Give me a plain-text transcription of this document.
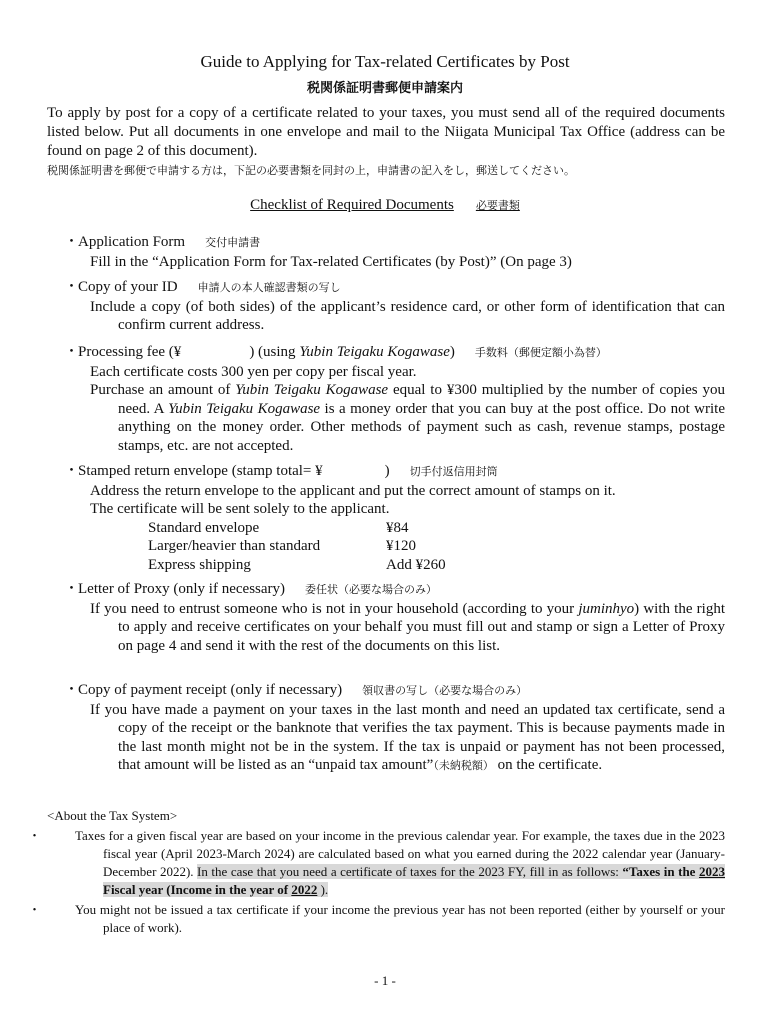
Guide to Applying for Tax-related Certificates by Post
税関係証明書郵便申請案内
To apply by post for a copy of a certificate related to your taxes, you must send all of the required documents listed below. Put all documents in one envelope and mail to the Niigata Municipal Tax Office (address can be found on page 2 of this document).
税関係証明書を郵便で申請する方は，下記の必要書類を同封の上，申請書の記入をし，郵送してください。
Checklist of Required Documents 必要書類
・Application Form 交付申請書
Fill in the “Application Form for Tax-related Certificates (by Post)” (On page 3)
・Copy of your ID 申請人の本人確認書類の写し
Include a copy (of both sides) of the applicant’s residence card, or other form of identification that can confirm current address.
・Processing fee (¥	) (using Yubin Teigaku Kogawase) 手数料（郵便定額小為替）
Each certificate costs 300 yen per copy per fiscal year.
Purchase an amount of Yubin Teigaku Kogawase equal to ¥300 multiplied by the number of copies you need. A Yubin Teigaku Kogawase is a money order that you can buy at the post office. Do not write anything on the money order. Other methods of payment such as cash, revenue stamps, postage stamps, etc. are not accepted.
・Stamped return envelope (stamp total= ¥	) 切手付返信用封筒
Address the return envelope to the applicant and put the correct amount of stamps on it.
The certificate will be sent solely to the applicant.
Standard envelope	¥84
Larger/heavier than standard	¥120
Express shipping	Add ¥260
・Letter of Proxy (only if necessary) 委任状（必要な場合のみ）
If you need to entrust someone who is not in your household (according to your juminhyo) with the right to apply and receive certificates on your behalf you must fill out and stamp or sign a Letter of Proxy on page 4 and send it with the rest of the documents on this list.
・Copy of payment receipt (only if necessary) 領収書の写し（必要な場合のみ）
If you have made a payment on your taxes in the last month and need an updated tax certificate, send a copy of the receipt or the banknote that verifies the tax payment. This is because payments made in the last month might not be in the system. If the tax is unpaid or payment has not been processed, that amount will be listed as an “unpaid tax amount”（未納税額） on the certificate.
<About the Tax System>
・	Taxes for a given fiscal year are based on your income in the previous calendar year. For example, the taxes due in the 2023 fiscal year (April 2023-March 2024) are calculated based on what you earned during the 2022 calendar year (January-December 2022). In the case that you need a certificate of taxes for the 2023 FY, fill in as follows: “Taxes in the 2023 Fiscal year (Income in the year of 2022 ).
・	You might not be issued a tax certificate if your income the previous year has not been reported (either by yourself or your place of work).
- 1 -
